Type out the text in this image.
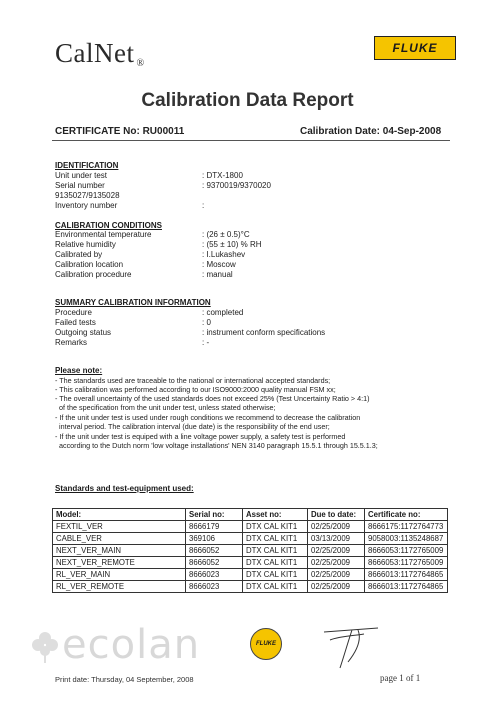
CalNet ®
FLUKE
Calibration Data Report
CERTIFICATE No: RU00011	Calibration Date: 04-Sep-2008
IDENTIFICATION
Unit under test	: DTX-1800
Serial number	: 9370019/9370020
9135027/9135028
Inventory number	:
CALIBRATION CONDITIONS
Environmental temperature	: (26 ± 0.5)°C
Relative humidity	: (55 ± 10) % RH
Calibrated by	: I.Lukashev
Calibration location	: Moscow
Calibration procedure	: manual
SUMMARY CALIBRATION INFORMATION
Procedure	: completed
Failed tests	: 0
Outgoing status	: instrument conform specifications
Remarks	: -
Please note:
- The standards used are traceable to the national or international accepted standards;
- This calibration was performed according to our ISO9000:2000 quality manual FSM xx;
- The overall uncertainty of the used standards does not exceed 25% (Test Uncertainty Ratio > 4:1)
of the specification from the unit under test, unless stated otherwise;
- If the unit under test is used under rough conditions we recommend to decrease the calibration
interval period. The calibration interval (due date) is the responsibility of the end user;
- If the unit under test is equiped with a line voltage power supply, a safety test is performed
according to the Dutch norm 'low voltage installations' NEN 3140 paragraph 15.5.1 through 15.5.1.3;
Standards and test-equipment used:
Model:	Serial no:	Asset no:	Due to date:	Certificate no:
FEXTIL_VER	8666179	DTX CAL KIT1	02/25/2009	8666175:1172764773
CABLE_VER	369106	DTX CAL KIT1	03/13/2009	9058003:1135248687
NEXT_VER_MAIN	8666052	DTX CAL KIT1	02/25/2009	8666053:1172765009
NEXT_VER_REMOTE	8666052	DTX CAL KIT1	02/25/2009	8666053:1172765009
RL_VER_MAIN	8666023	DTX CAL KIT1	02/25/2009	8666013:1172764865
RL_VER_REMOTE	8666023	DTX CAL KIT1	02/25/2009	8666013:1172764865
ecolan	FLUKE
Print date: Thursday, 04 September, 2008	page 1 of 1
